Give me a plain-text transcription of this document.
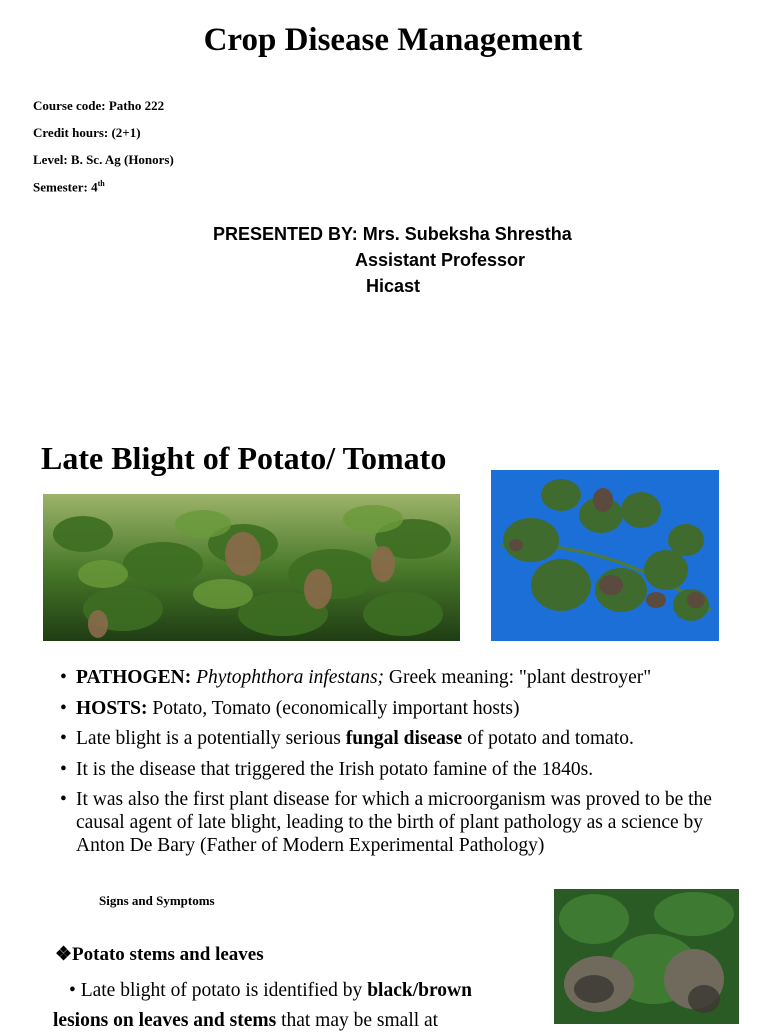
Crop Disease Management
Course code: Patho 222
Credit hours: (2+1)
Level: B. Sc. Ag (Honors)
Semester: 4th
PRESENTED BY: Mrs. Subeksha Shrestha
Assistant Professor
Hicast
Late Blight of Potato/ Tomato
• PATHOGEN: Phytophthora infestans; Greek meaning: "plant destroyer"
• HOSTS: Potato, Tomato (economically important hosts)
• Late blight is a potentially serious fungal disease of potato and tomato.
• It is the disease that triggered the Irish potato famine of the 1840s.
• It was also the first plant disease for which a microorganism was proved to be the causal agent of late blight, leading to the birth of plant pathology as a science by Anton De Bary (Father of Modern Experimental Pathology)
Signs and Symptoms
❖Potato stems and leaves
• Late blight of potato is identified by black/brown
lesions on leaves and stems that may be small at
